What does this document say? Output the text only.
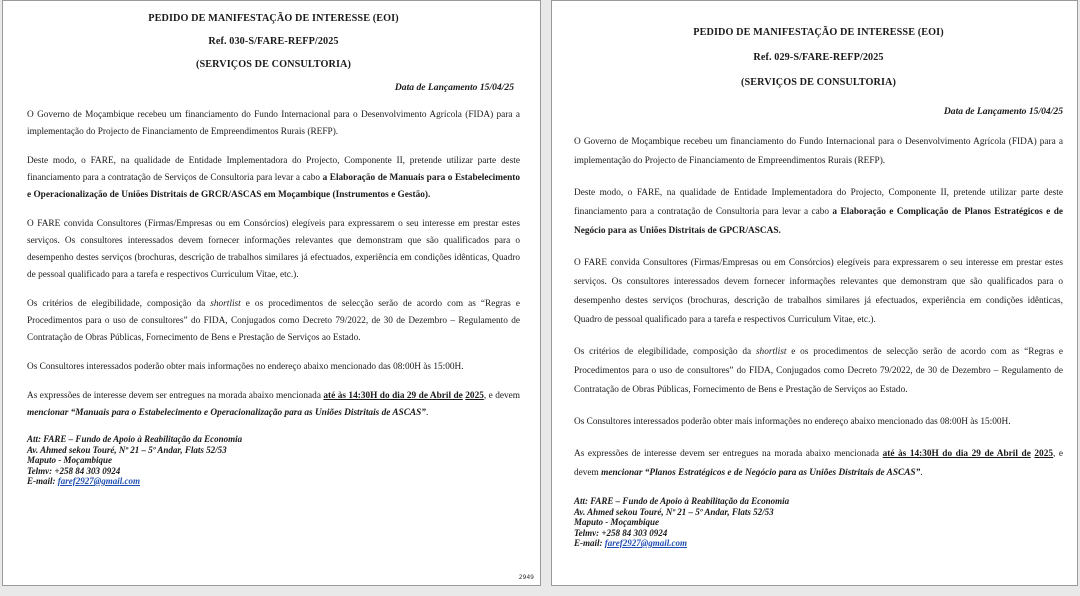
PEDIDO DE MANIFESTAÇÃO DE INTERESSE (EOI)
Ref. 030-S/FARE-REFP/2025
(SERVIÇOS DE CONSULTORIA)
Data de Lançamento 15/04/25

O Governo de Moçambique recebeu um financiamento do Fundo Internacional para o Desenvolvimento Agrícola (FIDA) para a implementação do Projecto de Financiamento de Empreendimentos Rurais (REFP).

Deste modo, o FARE, na qualidade de Entidade Implementadora do Projecto, Componente II, pretende utilizar parte deste financiamento para a contratação de Serviços de Consultoria para levar a cabo a Elaboração de Manuais para o Estabelecimento e Operacionalização de Uniões Distritais de GRCR/ASCAS em Moçambique (Instrumentos e Gestão).

O FARE convida Consultores (Firmas/Empresas ou em Consórcios) elegíveis para expressarem o seu interesse em prestar estes serviços. Os consultores interessados devem fornecer informações relevantes que demonstram que são qualificados para o desempenho destes serviços (brochuras, descrição de trabalhos similares já efectuados, experiência em condições idênticas, Quadro de pessoal qualificado para a tarefa e respectivos Curriculum Vitae, etc.).

Os critérios de elegibilidade, composição da shortlist e os procedimentos de selecção serão de acordo com as “Regras e Procedimentos para o uso de consultores” do FIDA, Conjugados como Decreto 79/2022, de 30 de Dezembro – Regulamento de Contratação de Obras Públicas, Fornecimento de Bens e Prestação de Serviços ao Estado.

Os Consultores interessados poderão obter mais informações no endereço abaixo mencionado das 08:00H às 15:00H.

As expressões de interesse devem ser entregues na morada abaixo mencionada até às 14:30H do dia 29 de Abril de 2025, e devem mencionar “Manuais para o Estabelecimento e Operacionalização para as Uniões Distritais de ASCAS”.

Att: FARE – Fundo de Apoio à Reabilitação da Economia
Av. Ahmed sekou Touré, Nº 21 – 5º Andar, Flats 52/53
Maputo - Moçambique
Telmv: +258 84 303 0924
E-mail: faref2927@gmail.com
2949
PEDIDO DE MANIFESTAÇÃO DE INTERESSE (EOI)
Ref. 029-S/FARE-REFP/2025
(SERVIÇOS DE CONSULTORIA)
Data de Lançamento 15/04/25

O Governo de Moçambique recebeu um financiamento do Fundo Internacional para o Desenvolvimento Agrícola (FIDA) para a implementação do Projecto de Financiamento de Empreendimentos Rurais (REFP).

Deste modo, o FARE, na qualidade de Entidade Implementadora do Projecto, Componente II, pretende utilizar parte deste financiamento para a contratação de Consultoria para levar a cabo a Elaboração e Complicação de Planos Estratégicos e de Negócio para as Uniões Distritais de GPCR/ASCAS.

O FARE convida Consultores (Firmas/Empresas ou em Consórcios) elegíveis para expressarem o seu interesse em prestar estes serviços. Os consultores interessados devem fornecer informações relevantes que demonstram que são qualificados para o desempenho destes serviços (brochuras, descrição de trabalhos similares já efectuados, experiência em condições idênticas, Quadro de pessoal qualificado para a tarefa e respectivos Curriculum Vitae, etc.).

Os critérios de elegibilidade, composição da shortlist e os procedimentos de selecção serão de acordo com as “Regras e Procedimentos para o uso de consultores” do FIDA, Conjugados como Decreto 79/2022, de 30 de Dezembro – Regulamento de Contratação de Obras Públicas, Fornecimento de Bens e Prestação de Serviços ao Estado.

Os Consultores interessados poderão obter mais informações no endereço abaixo mencionado das 08:00H às 15:00H.

As expressões de interesse devem ser entregues na morada abaixo mencionada até às 14:30H do dia 29 de Abril de 2025, e devem mencionar “Planos Estratégicos e de Negócio para as Uniões Distritais de ASCAS”.

Att: FARE – Fundo de Apoio à Reabilitação da Economia
Av. Ahmed sekou Touré, Nº 21 – 5º Andar, Flats 52/53
Maputo - Moçambique
Telmv: +258 84 303 0924
E-mail: faref2927@gmail.com
